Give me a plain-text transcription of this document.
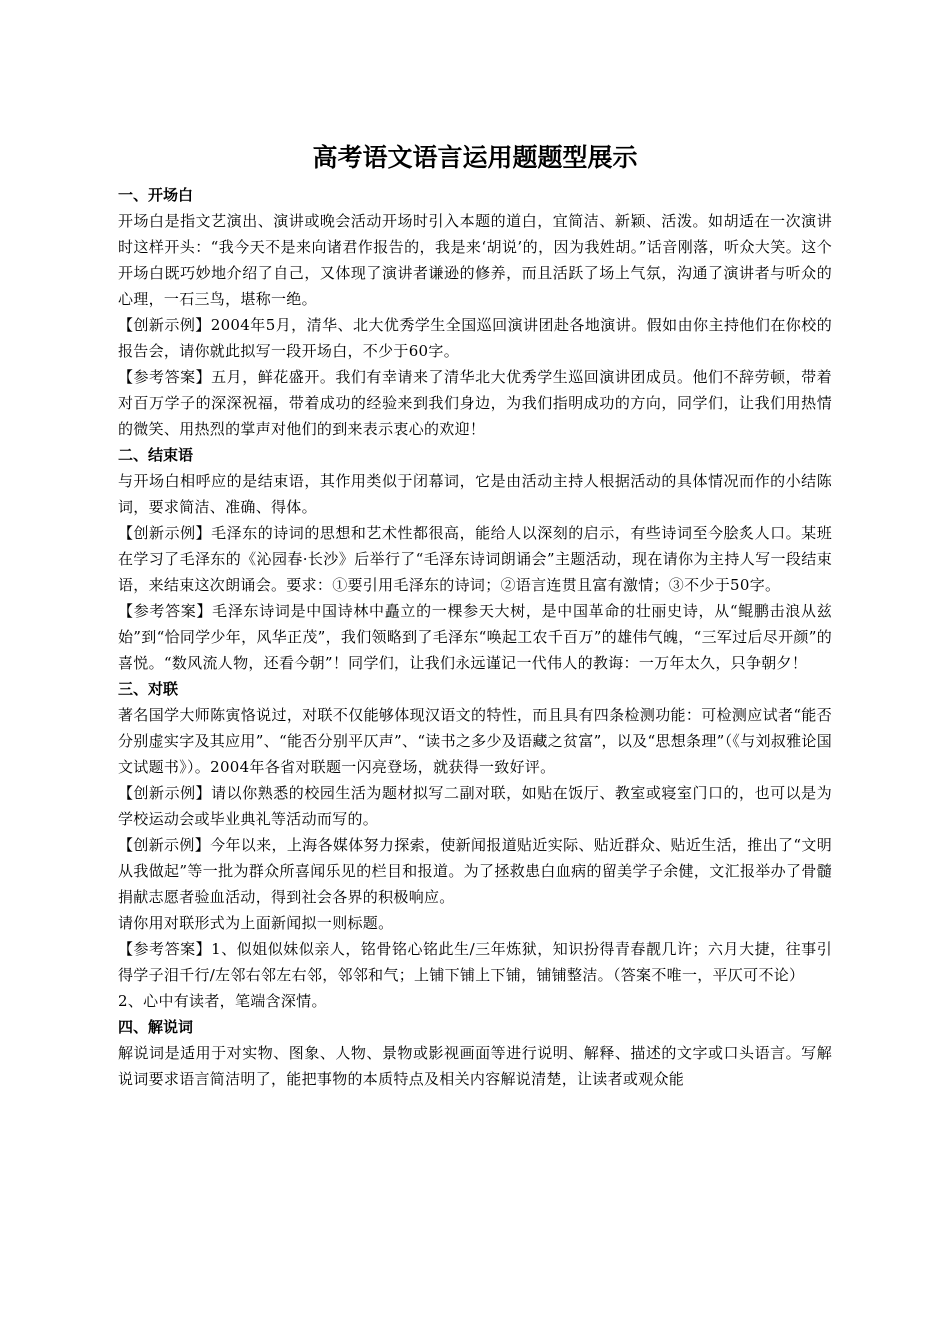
高考语文语言运用题题型展示
一、开场白
开场白是指文艺演出、演讲或晚会活动开场时引入本题的道白，宜简洁、新颖、活泼。如胡适在一次演讲时这样开头：“我今天不是来向诸君作报告的，我是来‘胡说’的，因为我姓胡。”话音刚落，听众大笑。这个开场白既巧妙地介绍了自己，又体现了演讲者谦逊的修养，而且活跃了场上气氛，沟通了演讲者与听众的心理，一石三鸟，堪称一绝。
【创新示例】2004年5月，清华、北大优秀学生全国巡回演讲团赴各地演讲。假如由你主持他们在你校的报告会，请你就此拟写一段开场白，不少于60字。
【参考答案】五月，鲜花盛开。我们有幸请来了清华北大优秀学生巡回演讲团成员。他们不辞劳顿，带着对百万学子的深深祝福，带着成功的经验来到我们身边，为我们指明成功的方向，同学们，让我们用热情的微笑、用热烈的掌声对他们的到来表示衷心的欢迎！
二、结束语
与开场白相呼应的是结束语，其作用类似于闭幕词，它是由活动主持人根据活动的具体情况而作的小结陈词，要求简洁、准确、得体。
【创新示例】毛泽东的诗词的思想和艺术性都很高，能给人以深刻的启示，有些诗词至今脍炙人口。某班在学习了毛泽东的《沁园春·长沙》后举行了“毛泽东诗词朗诵会”主题活动，现在请你为主持人写一段结束语，来结束这次朗诵会。要求：①要引用毛泽东的诗词；②语言连贯且富有激情；③不少于50字。
【参考答案】毛泽东诗词是中国诗林中矗立的一棵参天大树，是中国革命的壮丽史诗，从“鲲鹏击浪从兹始”到“恰同学少年，风华正茂”，我们领略到了毛泽东“唤起工农千百万”的雄伟气魄，“三军过后尽开颜”的喜悦。“数风流人物，还看今朝”！同学们，让我们永远谨记一代伟人的教诲：一万年太久，只争朝夕！
三、对联
著名国学大师陈寅恪说过，对联不仅能够体现汉语文的特性，而且具有四条检测功能：可检测应试者“能否分别虚实字及其应用”、“能否分别平仄声”、“读书之多少及语藏之贫富”，以及“思想条理”（《与刘叔雅论国文试题书》）。2004年各省对联题一闪亮登场，就获得一致好评。
【创新示例】请以你熟悉的校园生活为题材拟写二副对联，如贴在饭厅、教室或寝室门口的，也可以是为学校运动会或毕业典礼等活动而写的。
【创新示例】今年以来，上海各媒体努力探索，使新闻报道贴近实际、贴近群众、贴近生活，推出了“文明从我做起”等一批为群众所喜闻乐见的栏目和报道。为了拯救患白血病的留美学子余健，文汇报举办了骨髓捐献志愿者验血活动，得到社会各界的积极响应。
请你用对联形式为上面新闻拟一则标题。
【参考答案】1、似姐似妹似亲人，铭骨铭心铭此生/三年炼狱，知识扮得青春靓几许；六月大捷，往事引得学子泪千行/左邻右邻左右邻，邻邻和气；上铺下铺上下铺，铺铺整洁。（答案不唯一，平仄可不论）
2、心中有读者，笔端含深情。
四、解说词
解说词是适用于对实物、图象、人物、景物或影视画面等进行说明、解释、描述的文字或口头语言。写解说词要求语言简洁明了，能把事物的本质特点及相关内容解说清楚，让读者或观众能
